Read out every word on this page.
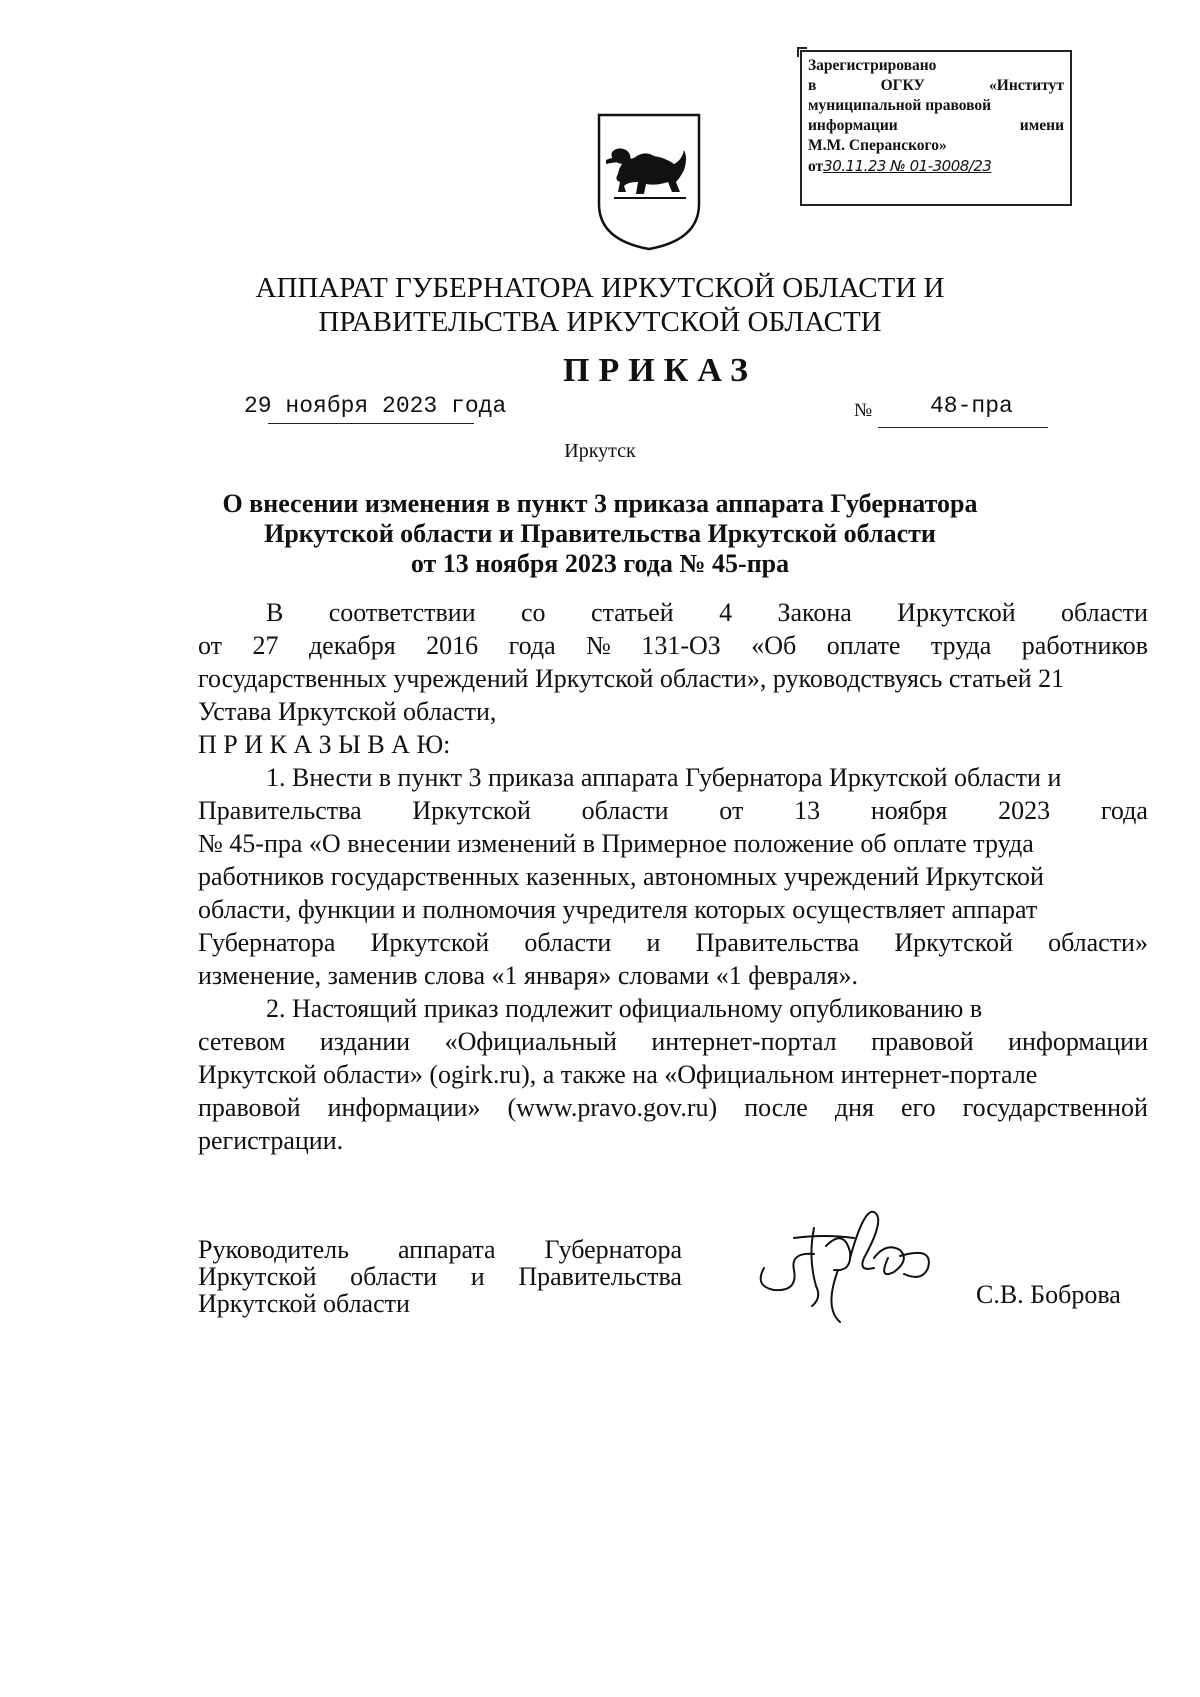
Зарегистрировано
в	ОГКУ	«Институт
муниципальной правовой
информации	имени
М.М. Сперанского»
от30.11.23 № 01-3008/23
АППАРАТ ГУБЕРНАТОРА ИРКУТСКОЙ ОБЛАСТИ И
ПРАВИТЕЛЬСТВА ИРКУТСКОЙ ОБЛАСТИ
ПРИКАЗ
29 ноября 2023 года	№	48-пра
Иркутск
О внесении изменения в пункт 3 приказа аппарата Губернатора
Иркутской области и Правительства Иркутской области
от 13 ноября 2023 года № 45-пра
В соответствии со статьей 4 Закона Иркутской области
от 27 декабря 2016 года № 131-ОЗ «Об оплате труда работников
государственных учреждений Иркутской области», руководствуясь статьей 21
Устава Иркутской области,
П Р И К А З Ы В А Ю:
1. Внести в пункт 3 приказа аппарата Губернатора Иркутской области и
Правительства Иркутской области от 13 ноября 2023 года
№ 45-пра «О внесении изменений в Примерное положение об оплате труда
работников государственных казенных, автономных учреждений Иркутской
области, функции и полномочия учредителя которых осуществляет аппарат
Губернатора Иркутской области и Правительства Иркутской области»
изменение, заменив слова «1 января» словами «1 февраля».
2. Настоящий приказ подлежит официальному опубликованию в
сетевом издании «Официальный интернет-портал правовой информации
Иркутской области» (ogirk.ru), а также на «Официальном интернет-портале
правовой информации» (www.pravo.gov.ru) после дня его государственной
регистрации.
Руководитель аппарата Губернатора
Иркутской области и Правительства
Иркутской области	С.В. Боброва
